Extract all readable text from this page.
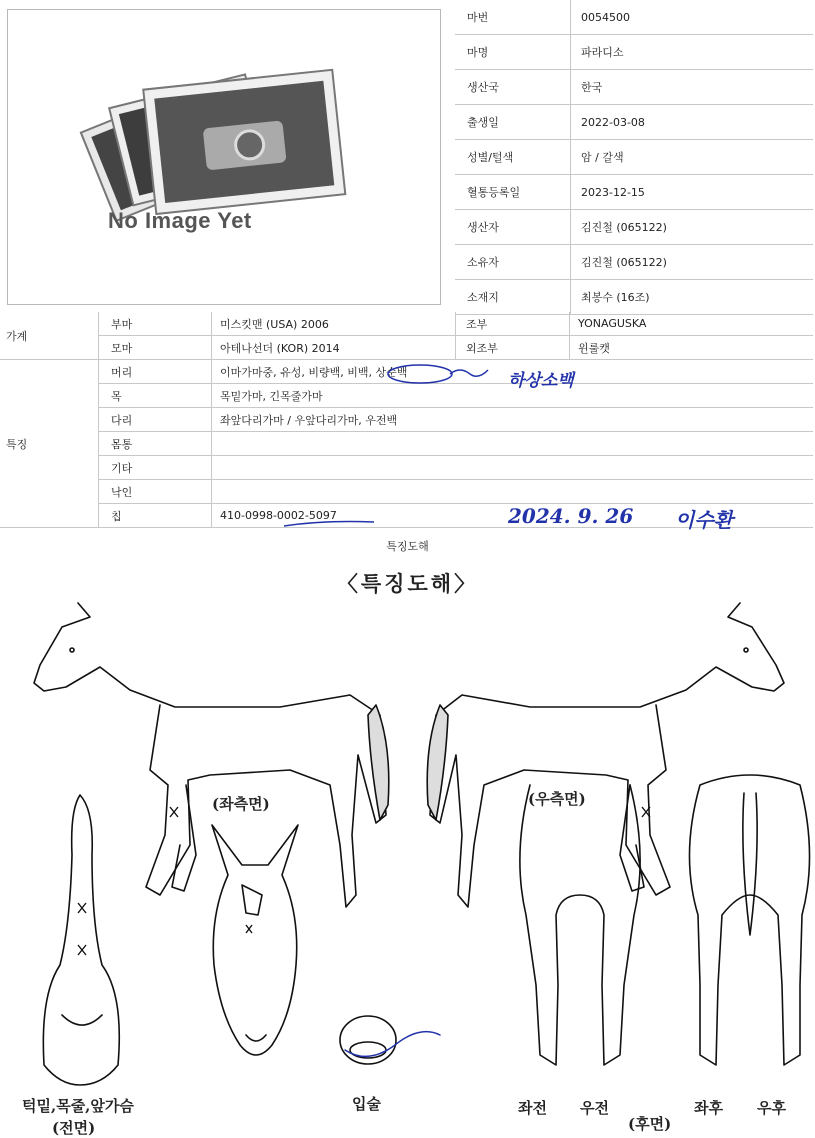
No Image Yet
마번	0054500
마명	파라디소
생산국	한국
출생일	2022-03-08
성별/털색	암 / 갈색
혈통등록일	2023-12-15
생산자	김진철 (065122)
소유자	김진철 (065122)
소재지	최봉수 (16조)
가계	부마	미스킷맨 (USA) 2006	조부	YONAGUSKA
	모마	아테나선더 (KOR) 2014	외조부	윈룰캣
특징	머리	이마가마중, 유성, 비량백, 비백, 상순백		
	목	목밑가마, 긴목줄가마		
	다리	좌앞다리가마 / 우앞다리가마, 우전백		
	몸통			
	기타			
	낙인			
	칩	410-0998-0002-5097		
하상소백
2024. 9. 26 이수환
특징도해
〈특징도해〉
(좌측면)	(우측면)
턱밑,목줄,앞가슴
(전면)
입술	좌전 우전
(후면)
좌후 우후
